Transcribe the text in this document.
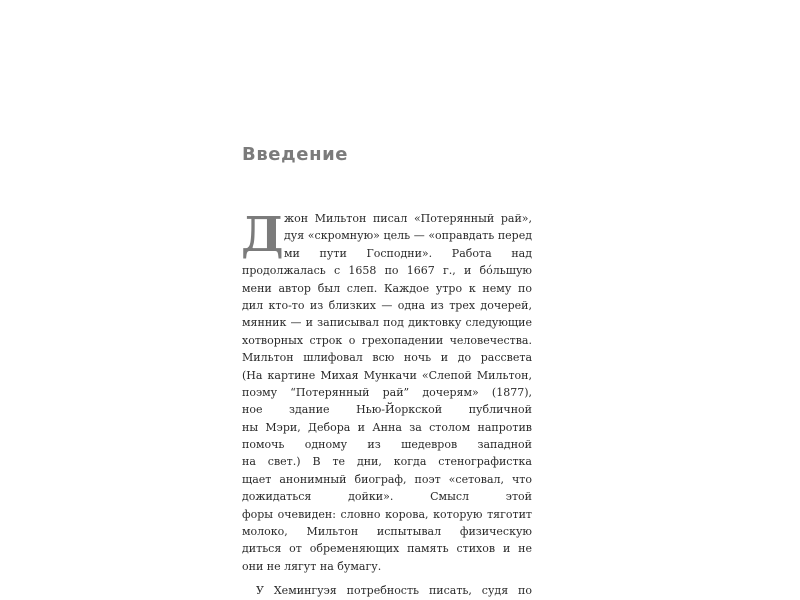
Введение
Д жон Мильтон писал «Потерянный рай»,
дуя «скромную» цель — «оправдать перед
ми пути Господни». Работа над
продолжалась с 1658 по 1667 г., и бóльшую
мени автор был слеп. Каждое утро к нему по
дил кто-то из близких — одна из трех дочерей,
мянник — и записывал под диктовку следующие
хотворных строк о грехопадении человечества.
Мильтон шлифовал всю ночь и до рассвета
(На картине Михая Мункачи «Слепой Мильтон,
поэму “Потерянный рай” дочерям» (1877),
ное здание Нью-Йоркской публичной
ны Мэри, Дебора и Анна за столом напротив
помочь одному из шедевров западной
на свет.) В те дни, когда стенографистка
щает анонимный биограф, поэт «сетовал, что
дожидаться дойки». Смысл этой
форы очевиден: словно корова, которую тяготит
молоко, Мильтон испытывал физическую
диться от обременяющих память стихов и не
они не лягут на бумагу.
У Хемингуэя потребность писать, судя по
